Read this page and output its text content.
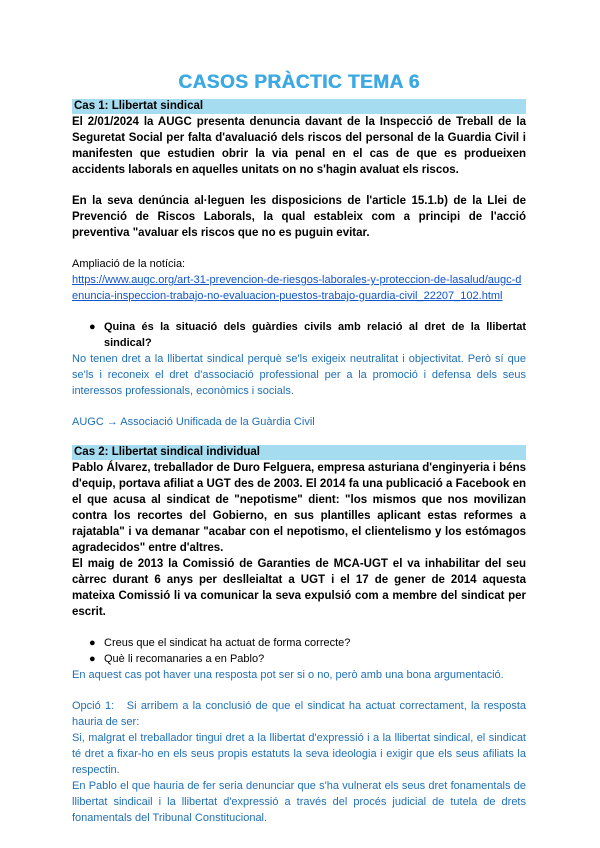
CASOS PRÀCTIC TEMA 6
Cas 1: Llibertat sindical

El 2/01/2024 la AUGC presenta denuncia davant de la Inspecció de Treball de la Seguretat Social per falta d'avaluació dels riscos del personal de la Guardia Civil i manifesten que estudien obrir la via penal en el cas de que es produeixen accidents laborals en aquelles unitats on no s'hagin avaluat els riscos.

En la seva denúncia al·leguen les disposicions de l'article 15.1.b) de la Llei de Prevenció de Riscos Laborals, la qual estableix com a principi de l'acció preventiva "avaluar els riscos que no es puguin evitar.

Ampliació de la notícia:

https://www.augc.org/art-31-prevencion-de-riesgos-laborales-y-proteccion-de-lasalud/augc-denuncia-inspeccion-trabajo-no-evaluacion-puestos-trabajo-guardia-civil_22207_102.html
● Quina és la situació dels guàrdies civils amb relació al dret de la llibertat sindical?

No tenen dret a la llibertat sindical perquè se'ls exigeix neutralitat i objectivitat. Però sí que se'ls i reconeix el dret d'associació professional per a la promoció i defensa dels seus interessos professionals, econòmics i socials.

AUGC → Associació Unificada de la Guàrdia Civil

Cas 2: Llibertat sindical individual

Pablo Álvarez, treballador de Duro Felguera, empresa asturiana d'enginyeria i béns d'equip, portava afiliat a UGT des de 2003. El 2014 fa una publicació a Facebook en el que acusa al sindicat de "nepotisme" dient: "los mismos que nos movilizan contra los recortes del Gobierno, en sus plantilles aplicant estas reformes a rajatabla" i va demanar "acabar con el nepotismo, el clientelismo y los estómagos agradecidos" entre d'altres.

El maig de 2013 la Comissió de Garanties de MCA-UGT el va inhabilitar del seu càrrec durant 6 anys per deslleialtat a UGT i el 17 de gener de 2014 aquesta mateixa Comissió li va comunicar la seva expulsió com a membre del sindicat per escrit.

● Creus que el sindicat ha actuat de forma correcte?
● Què li recomanaries a en Pablo?

En aquest cas pot haver una resposta pot ser si o no, però amb una bona argumentació.

Opció 1:   Si arribem a la conclusió de que el sindicat ha actuat correctament, la resposta hauria de ser:

Si, malgrat el treballador tingui dret a la llibertat d'expressió i a la llibertat sindical, el sindicat té dret a fixar-ho en els seus propis estatuts la seva ideologia i exigir que els seus afiliats la respectin.

En Pablo el que hauria de fer seria denunciar que s'ha vulnerat els seus dret fonamentals de llibertat sindicail i la llibertat d'expressió a través del procés judicial de tutela de drets fonamentals del Tribunal Constitucional.
